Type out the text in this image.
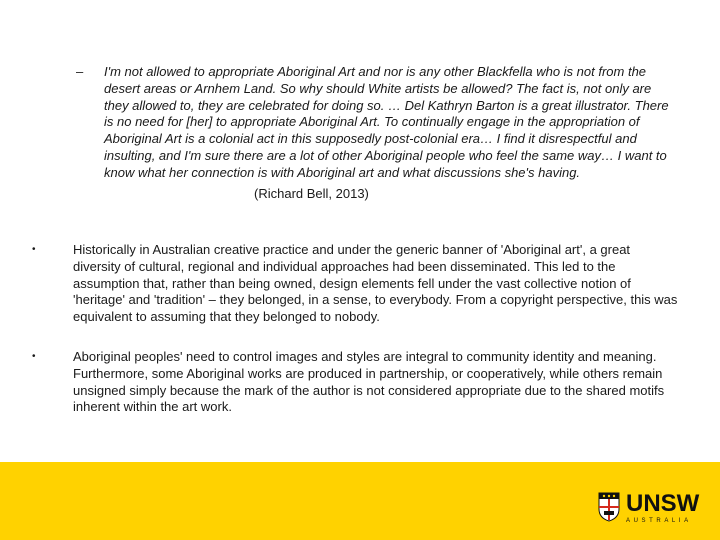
–	I'm not allowed to appropriate Aboriginal Art and nor is any other Blackfella who is not from the desert areas or Arnhem Land. So why should White artists be allowed? The fact is, not only are they allowed to, they are celebrated for doing so. … Del Kathryn Barton is a great illustrator. There is no need for [her] to appropriate Aboriginal Art. To continually engage in the appropriation of Aboriginal Art is a colonial act in this supposedly post-colonial era… I find it disrespectful and insulting, and I'm sure there are a lot of other Aboriginal people who feel the same way… I want to know what her connection is with Aboriginal art and what discussions she's having.
(Richard Bell, 2013)
•	Historically in Australian creative practice and under the generic banner of 'Aboriginal art', a great diversity of cultural, regional and individual approaches had been disseminated. This led to the assumption that, rather than being owned, design elements fell under the vast collective notion of 'heritage' and 'tradition' – they belonged, in a sense, to everybody. From a copyright perspective, this was equivalent to assuming that they belonged to nobody.
•	Aboriginal peoples' need to control images and styles are integral to community identity and meaning. Furthermore, some Aboriginal works are produced in partnership, or cooperatively, while others remain unsigned simply because the mark of the author is not considered appropriate due to the shared motifs inherent within the art work.
UNSW
AUSTRALIA
